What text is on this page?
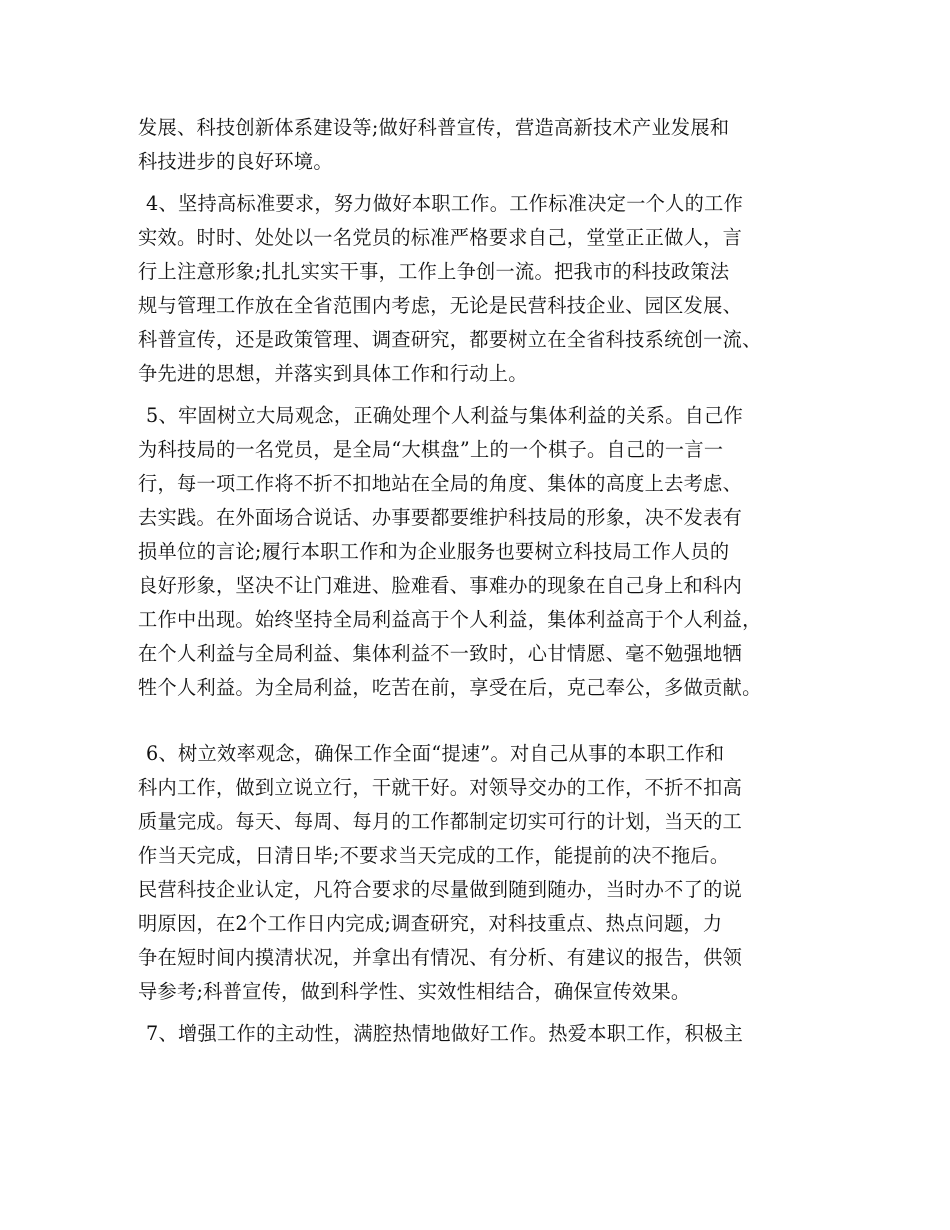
发展、科技创新体系建设等;做好科普宣传，营造高新技术产业发展和
科技进步的良好环境。
4、坚持高标准要求，努力做好本职工作。工作标准决定一个人的工作
实效。时时、处处以一名党员的标准严格要求自己，堂堂正正做人，言
行上注意形象;扎扎实实干事，工作上争创一流。把我市的科技政策法
规与管理工作放在全省范围内考虑，无论是民营科技企业、园区发展、
科普宣传，还是政策管理、调查研究，都要树立在全省科技系统创一流、
争先进的思想，并落实到具体工作和行动上。
5、牢固树立大局观念，正确处理个人利益与集体利益的关系。自己作
为科技局的一名党员，是全局“大棋盘”上的一个棋子。自己的一言一
行，每一项工作将不折不扣地站在全局的角度、集体的高度上去考虑、
去实践。在外面场合说话、办事要都要维护科技局的形象，决不发表有
损单位的言论;履行本职工作和为企业服务也要树立科技局工作人员的
良好形象，坚决不让门难进、脸难看、事难办的现象在自己身上和科内
工作中出现。始终坚持全局利益高于个人利益，集体利益高于个人利益，
在个人利益与全局利益、集体利益不一致时，心甘情愿、毫不勉强地牺
牲个人利益。为全局利益，吃苦在前，享受在后，克己奉公，多做贡献。
6、树立效率观念，确保工作全面“提速”。对自己从事的本职工作和
科内工作，做到立说立行，干就干好。对领导交办的工作，不折不扣高
质量完成。每天、每周、每月的工作都制定切实可行的计划，当天的工
作当天完成，日清日毕;不要求当天完成的工作，能提前的决不拖后。
民营科技企业认定，凡符合要求的尽量做到随到随办，当时办不了的说
明原因，在2个工作日内完成;调查研究，对科技重点、热点问题，力
争在短时间内摸清状况，并拿出有情况、有分析、有建议的报告，供领
导参考;科普宣传，做到科学性、实效性相结合，确保宣传效果。
7、增强工作的主动性，满腔热情地做好工作。热爱本职工作，积极主
